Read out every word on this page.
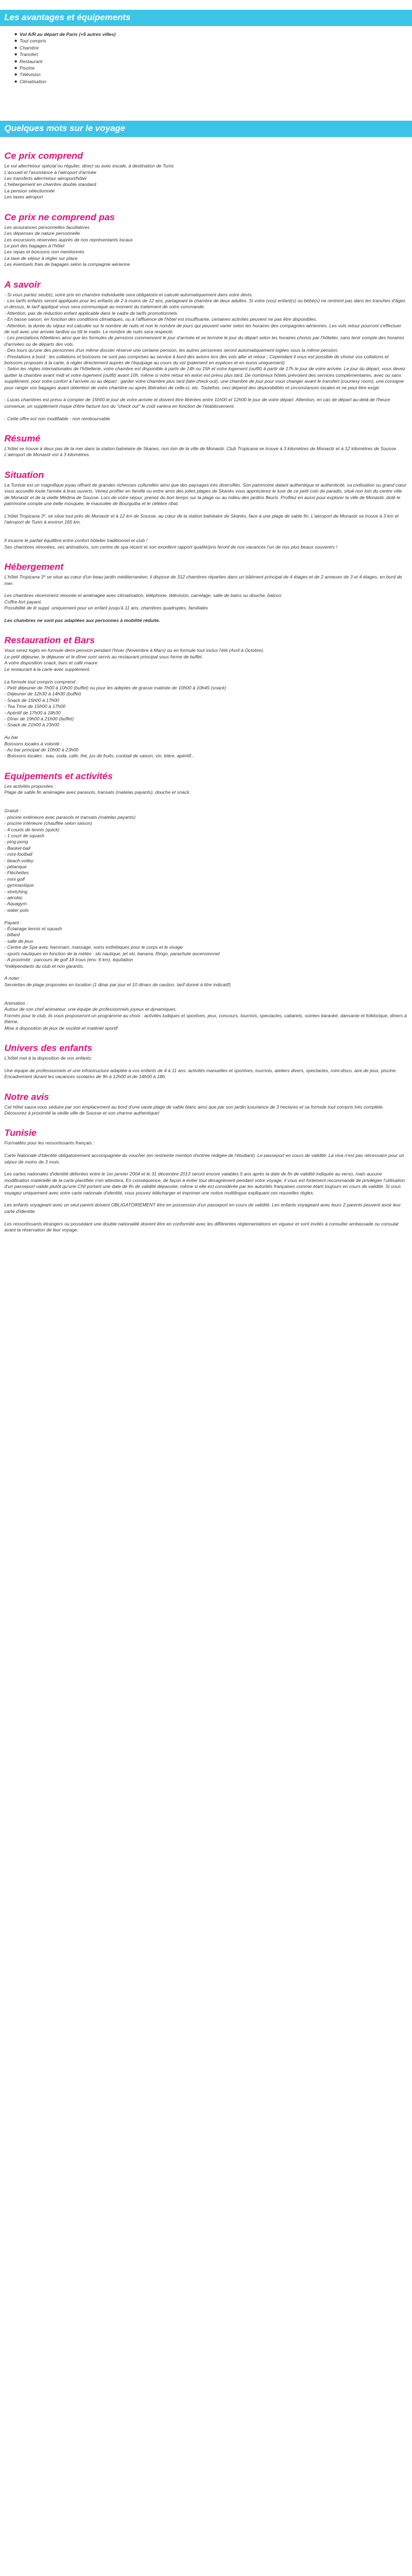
Les avantages et équipements
Vol A/R au départ de Paris (+5 autres villes)
Tout compris
Chambre
Transfert
Restaurant
Piscine
Télévision
Climatisation
Quelques mots sur le voyage
Ce prix comprend

Le vol aller/retour spécial ou régulier, direct ou avec escale, à destination de Tunis

L'accueil et l'assistance à l'aéroport d'arrivée

Les transferts aller/retour aéroport/hôtel

L'hébergement en chambre double standard

La pension sélectionnée

Les taxes aéroport

Ce prix ne comprend pas

Les assurances personnelles facultatives

Les dépenses de nature personnelle

Les excursions réservées auprès de nos représentants locaux

Le port des bagages à l'hôtel

Les repas et boissons non mentionnés

La taxe de séjour à régler sur place

Les éventuels frais de bagages selon la compagnie aérienne

A savoir

- Si vous partez seul(e), votre prix en chambre individuelle sera obligatoire et calculé automatiquement dans votre devis.

- Les tarifs enfants seront appliqués pour les enfants de 2 à moins de 12 ans, partageant la chambre de deux adultes. Si votre (vos) enfant(s) ou bébé(s) ne rentrent pas dans les tranches d'âges ci-dessus, le tarif appliqué vous sera communiqué au moment du traitement de votre commande.

- Attention, pas de réduction enfant applicable dans le cadre de tarifs promotionnels.

- En basse saison, en fonction des conditions climatiques, ou à l'affluence de l'hôtel est insuffisante, certaines activités peuvent ne pas être disponibles.

- Attention, la durée du séjour est calculée sur le nombre de nuits et non le nombre de jours qui peuvent varier selon les horaires des compagnies aériennes. Les vols retour pourront s'effectuer de nuit avec une arrivée tardive ou tôt le matin. Le nombre de nuits sera respecté.

- Les prestations hôtelières ainsi que les formules de pensions commencent le jour d'arrivée et se termine le jour du départ selon les horaires choisis par l'hôtelier, sans tenir compte des horaires d'arrivées ou de départs des vols.

- Des tours qu'une des personnes d'un même dossier réserve une certaine pension, les autres personnes seront automatiquement logées sous la même pension.

- Prestations à bord : les collations et boissons ne sont pas comprises au service à bord des avions lors des vols aller et retour ; Cependant il vous est possible de choisir vos collations et boissons proposés à la carte, à régler directement auprès de l'équipage au cours du vol (paiement en espèces et en euros uniquement).

- Selon les règles internationales de l'hôtellerie, votre chambre est disponible à partir de 14h ou 15h et votre logement (outfit) à partir de 17h le jour de votre arrivée. Le jour du départ, vous devez quitter la chambre avant midi et votre logement (outfit) avant 10h, même si votre retour en avion est prévu plus tard. De nombreux hôtels prévoient des services complémentaires, avec ou sans supplément, pour votre confort à l'arrivée ou au départ : garder votre chambre plus tard (late check-out), une chambre de jour pour vous changer avant le transfert (courtesy room), une consigne pour ranger vos bagages avant obtention de votre chambre ou après libération de celle-ci, etc. Toutefois, ceci dépend des disponibilités et circonstances locales et ne peut être exigé.

- Lucas chambres est prévu à compter de 15h00 le jour de votre arrivée et doivent être libérées entre 11h00 et 12h00 le jour de votre départ. Attention, en cas de départ au-delà de l'heure convenue, un supplément risque d'être facturé lors du "check out" le coût variera en fonction de l'établissement.

- Cette offre est non modifiable - non remboursable

Résumé

L'hôtel se trouve à deux pas de la mer dans la station balnéaire de Skanes, non loin de la ville de Monastir. Club Tropicana se trouve à 3 kilomètres de Monastir et à 12 kilomètres de Sousse. L'aéroport de Monastir est à 3 kilomètres.

Situation

La Tunisie est un magnifique joyau offrant de grandes richesses culturelles ainsi que des paysages très diversifiés. Son patrimoine datant authentique et authenticité, sa civilisation ou grand cœur vous accueille toute l'année à bras ouverts. Venez profiter en famille ou entre amis des jolies plages de Skanès vous apprécierez le luxe de ce petit coin de paradis, situé non loin du centre ville de Monastir et de la vieille Médina de Sousse. Lors de votre séjour, prenez du bon temps sur la plage ou au milieu des jardins fleuris. Profitez en aussi pour explorer la ville de Monastir, doté le patrimoine compte une belle mosquée, le mausolée de Bourguiba et le célèbre ribat.

L'hôtel Tropicana 3*, se situe tout près de Monastir et à 12 km de Sousse, au cœur de la station balnéaire de Skanès, face à une plage de sable fin. L'aéroport de Monastir se trouve à 3 km et l'aéroport de Tunis à environ 165 km.

Il incarne le parfait équilibre entre confort hôtelier traditionnel et club !

Ses chambres rénovées, ses animations, son centre de spa récent et son excellent rapport qualité/prix feront de nos vacances l'un de nos plus beaux souvenirs !

Hébergement

L'hôtel Tropicana 3* se situe au cœur d'un beau jardin méditerranéen, il dispose de 312 chambres réparties dans un bâtiment principal de 4 étages et de 2 annexes de 3 et 4 étages, en bord de mer.

Les chambres récemment rénovée et aménagée avec climatisation, téléphone, télévision, carrelage, salle de bains ou douche, balcon.

Coffre-fort payant.

Possibilité de lit suppl. uniquement pour un enfant jusqu'à 11 ans, chambres quadruples, familiales

Les chambres ne sont pas adaptées aux personnes à mobilité réduite.

Restauration et Bars

Vous serez logés en formule demi-pension pendant l'hiver (Novembre à Mars) ou en formule tout inclus l'été (Avril à Octobre).

Le petit déjeuner, le déjeuner et le dîner sont servis au restaurant principal sous forme de buffet.

A votre disposition snack, bars et café maure

Le restaurant à la carte avec supplément.

La formule tout compris comprend :

- Petit déjeuner de 7h00 à 10h00 (buffet) ou pour les adeptes de grasse matinée de 10h00 à 10h45 (snack)

- Déjeuner de 12h30 à 14h30 (buffet)

- Snack de 15h00 à 17h00

- Tea Time de 15h00 à 17h00

- Apéritif de 17h00 à 18h30

- Dîner de 19h00 à 21h00 (buffet)

- Snack de 21h00 à 23h00

Au bar

Boissons locales à volonté :

- Au bar principal de 10h00 à 23h00

- Boissons locales : eau, soda, café, thé, jus de fruits, cocktail de saison, vin, bière, apéritif...

Equipements et activités

Les activités proposées :

Plage de sable fin aménagée avec parasols, transats (matelas payants), douche et snack.

Gratuit :

- piscine extérieure avec parasols et transats (matelas payants)

- piscine intérieure (chauffée selon saison)

- 4 courts de tennis (quick)

- 1 court de squash

- ping-pong

- Basket-ball

- mini-football

- beach-volley

- pétanque

- Fléchettes

- mini golf

- gymnastique

- stretching

- aérobic

- Aquagym

- water polo

Payant :

- Éclairage tennis et squash

- billard

- salle de jeux

- Centre de Spa avec hammam, massage, soins esthétiques pour le corps et le visage

- sports nautiques en fonction de la météo : ski nautique, jet ski, banana, Ringo, parachute ascensionnel

- A proximité : parcours de golf 18 trous (env. 6 km), équitation

*indépendants du club et non garantis.

A noter :

Serviettes de plage proposées en location (1 dinar par jour et 10 dinars de caution, tarif donné à titre indicatif).

Animation :

Autour de son chef animateur, une équipe de professionnels joyeux et dynamiques.

Formés pour le club, ils vous proposeront un programme au choix : activités ludiques et sportives, jeux, concours, tournois, spectacles, cabarets, soirées karaoké, dansante et folklorique, dîners à thème.

Mise à disposition de jeux de société et matériel sportif.

Univers des enfants

L'hôtel met à la disposition de vos enfants:

Une équipe de professionnels et une infrastructure adaptée à vos enfants de 4 à 11 ans: activités manuelles et sportives, tournois, ateliers divers, spectacles, mini-disco, aire de jeux, piscine.

Encadrement durant les vacances scolaires de 9h à 12h00 et de 14h00 à 18h.

Notre avis

Cet hôtel saura vous séduire par son emplacement au bord d'une vaste plage de sable blanc ainsi que par son jardin luxuriance de 3 hectares et sa formule tout compris très complète.

Découvrez à proximité la vieille ville de Sousse et son charme authentique!

Tunisie

Formalités pour les ressortissants français :

Carte Nationale d'Identité obligatoirement accompagnée du voucher (en restreinte mention d'entrée rédigée de l'étudiant). Le passeport en cours de validité. La visa n'est pas nécessaire pour un séjour de moins de 3 mois.

Les cartes nationales d'identité délivrées entre le 1er janvier 2004 et le 31 décembre 2013 seront encore valables 5 ans après la date de fin de validité indiquée au verso, mais aucune modification matérielle de la carte plastifiée n'en attestera. En conséquence, de façon à éviter tout désagrément pendant votre voyage, il vous est fortement recommandé de privilégier l'utilisation d'un passeport valide plutôt qu'une CNI portant une date de fin de validité dépassée, même si elle est considérée par les autorités françaises comme étant toujours en cours de validité. Si vous voyagez uniquement avec votre carte nationale d'identité, vous pouvez télécharger et imprimer une notice multilingue expliquant ces nouvelles règles.

Les enfants voyageant avec un seul parent doivent OBLIGATOIREMENT être en possession d'un passeport en cours de validité. Les enfants voyageant avec leurs 2 parents peuvent avoir leur carte d'identité.

Les ressortissants étrangers ou possédant une double nationalité doivent être en conformité avec les différentes réglementations en vigueur et sont invités à consulter ambassade ou consulat avant la réservation de leur voyage.
